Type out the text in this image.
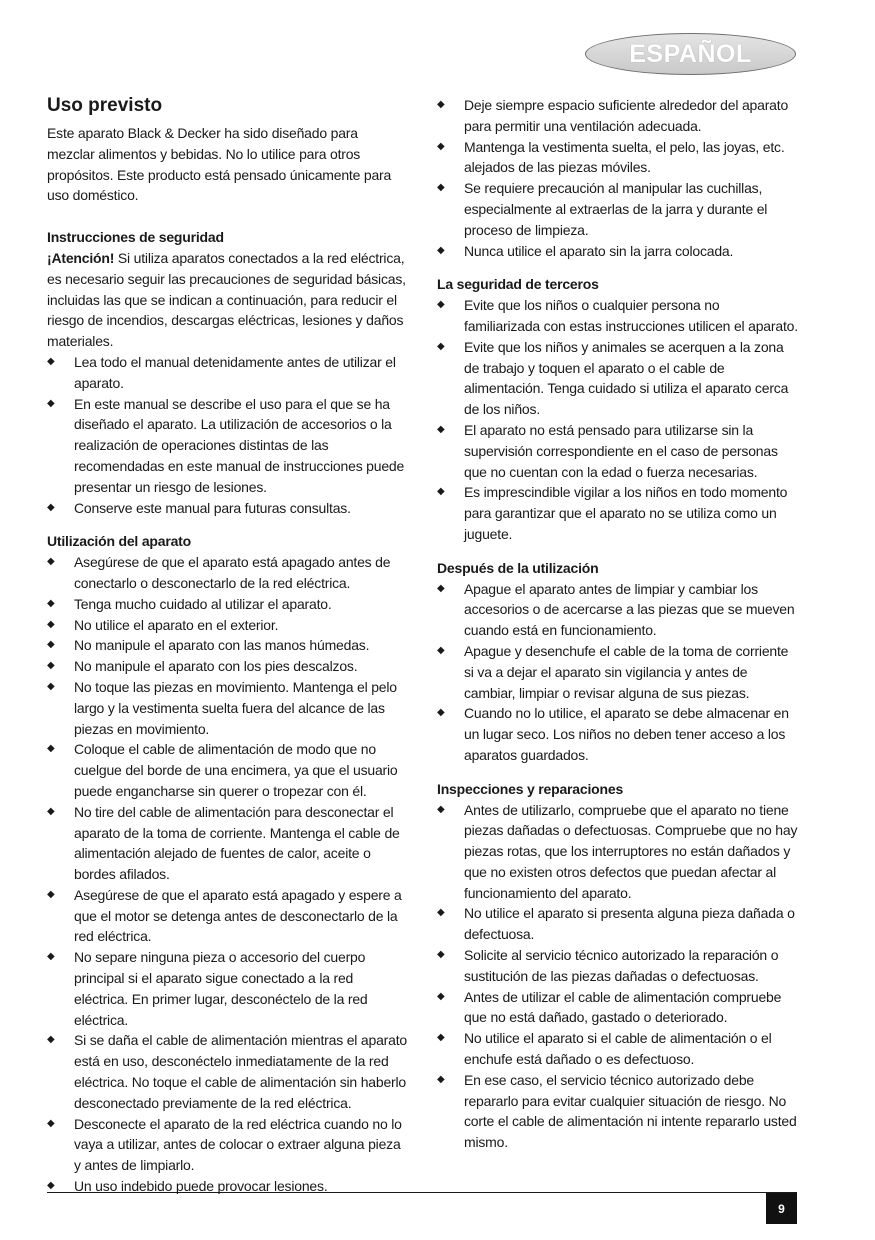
ESPAÑOL
Uso previsto

Este aparato Black & Decker ha sido diseñado para mezclar alimentos y bebidas. No lo utilice para otros propósitos. Este producto está pensado únicamente para uso doméstico.

Instrucciones de seguridad
¡Atención! Si utiliza aparatos conectados a la red eléctrica, es necesario seguir las precauciones de seguridad básicas, incluidas las que se indican a continuación, para reducir el riesgo de incendios, descargas eléctricas, lesiones y daños materiales.
◆ Lea todo el manual detenidamente antes de utilizar el aparato.
◆ En este manual se describe el uso para el que se ha diseñado el aparato. La utilización de accesorios o la realización de operaciones distintas de las recomendadas en este manual de instrucciones puede presentar un riesgo de lesiones.
◆ Conserve este manual para futuras consultas.
Utilización del aparato
◆ Asegúrese de que el aparato está apagado antes de conectarlo o desconectarlo de la red eléctrica.
◆ Tenga mucho cuidado al utilizar el aparato.
◆ No utilice el aparato en el exterior.
◆ No manipule el aparato con las manos húmedas.
◆ No manipule el aparato con los pies descalzos.
◆ No toque las piezas en movimiento. Mantenga el pelo largo y la vestimenta suelta fuera del alcance de las piezas en movimiento.
◆ Coloque el cable de alimentación de modo que no cuelgue del borde de una encimera, ya que el usuario puede engancharse sin querer o tropezar con él.
◆ No tire del cable de alimentación para desconectar el aparato de la toma de corriente. Mantenga el cable de alimentación alejado de fuentes de calor, aceite o bordes afilados.
◆ Asegúrese de que el aparato está apagado y espere a que el motor se detenga antes de desconectarlo de la red eléctrica.
◆ No separe ninguna pieza o accesorio del cuerpo principal si el aparato sigue conectado a la red eléctrica. En primer lugar, desconéctelo de la red eléctrica.
◆ Si se daña el cable de alimentación mientras el aparato está en uso, desconéctelo inmediatamente de la red eléctrica. No toque el cable de alimentación sin haberlo desconectado previamente de la red eléctrica.
◆ Desconecte el aparato de la red eléctrica cuando no lo vaya a utilizar, antes de colocar o extraer alguna pieza y antes de limpiarlo.
◆ Un uso indebido puede provocar lesiones.
◆ Deje siempre espacio suficiente alrededor del aparato para permitir una ventilación adecuada.
◆ Mantenga la vestimenta suelta, el pelo, las joyas, etc. alejados de las piezas móviles.
◆ Se requiere precaución al manipular las cuchillas, especialmente al extraerlas de la jarra y durante el proceso de limpieza.
◆ Nunca utilice el aparato sin la jarra colocada.
La seguridad de terceros
◆ Evite que los niños o cualquier persona no familiarizada con estas instrucciones utilicen el aparato.
◆ Evite que los niños y animales se acerquen a la zona de trabajo y toquen el aparato o el cable de alimentación. Tenga cuidado si utiliza el aparato cerca de los niños.
◆ El aparato no está pensado para utilizarse sin la supervisión correspondiente en el caso de personas que no cuentan con la edad o fuerza necesarias.
◆ Es imprescindible vigilar a los niños en todo momento para garantizar que el aparato no se utiliza como un juguete.
Después de la utilización
◆ Apague el aparato antes de limpiar y cambiar los accesorios o de acercarse a las piezas que se mueven cuando está en funcionamiento.
◆ Apague y desenchufe el cable de la toma de corriente si va a dejar el aparato sin vigilancia y antes de cambiar, limpiar o revisar alguna de sus piezas.
◆ Cuando no lo utilice, el aparato se debe almacenar en un lugar seco. Los niños no deben tener acceso a los aparatos guardados.
Inspecciones y reparaciones
◆ Antes de utilizarlo, compruebe que el aparato no tiene piezas dañadas o defectuosas. Compruebe que no hay piezas rotas, que los interruptores no están dañados y que no existen otros defectos que puedan afectar al funcionamiento del aparato.
◆ No utilice el aparato si presenta alguna pieza dañada o defectuosa.
◆ Solicite al servicio técnico autorizado la reparación o sustitución de las piezas dañadas o defectuosas.
◆ Antes de utilizar el cable de alimentación compruebe que no está dañado, gastado o deteriorado.
◆ No utilice el aparato si el cable de alimentación o el enchufe está dañado o es defectuoso.
◆ En ese caso, el servicio técnico autorizado debe repararlo para evitar cualquier situación de riesgo. No corte el cable de alimentación ni intente repararlo usted mismo.
9
